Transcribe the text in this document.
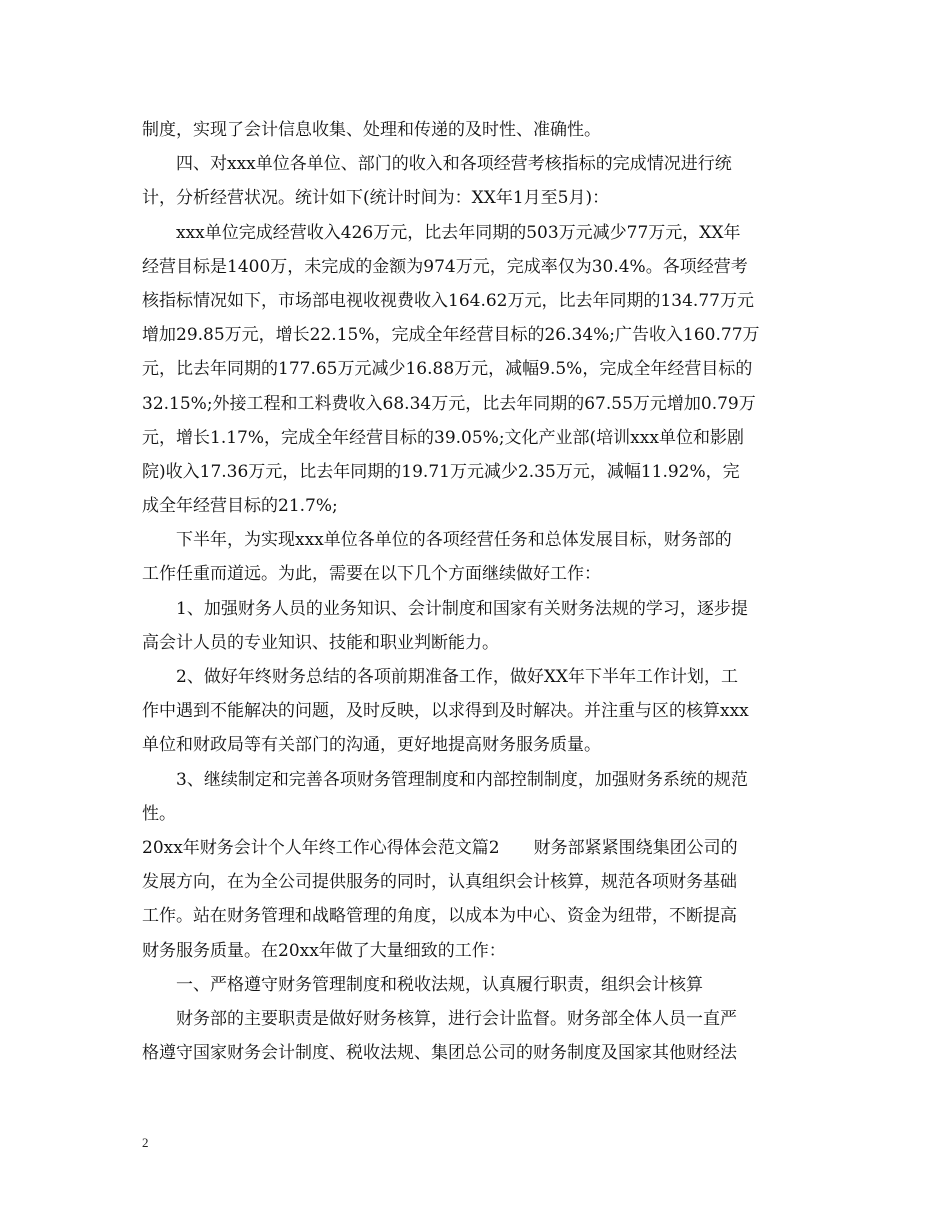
制度，实现了会计信息收集、处理和传递的及时性、准确性。
四、对xxx单位各单位、部门的收入和各项经营考核指标的完成情况进行统
计，分析经营状况。统计如下(统计时间为：XX年1月至5月)：
xxx单位完成经营收入426万元，比去年同期的503万元减少77万元，XX年
经营目标是1400万，未完成的金额为974万元，完成率仅为30.4%。各项经营考
核指标情况如下，市场部电视收视费收入164.62万元，比去年同期的134.77万元
增加29.85万元，增长22.15%，完成全年经营目标的26.34%;广告收入160.77万
元，比去年同期的177.65万元减少16.88万元，减幅9.5%，完成全年经营目标的
32.15%;外接工程和工料费收入68.34万元，比去年同期的67.55万元增加0.79万
元，增长1.17%，完成全年经营目标的39.05%;文化产业部(培训xxx单位和影剧
院)收入17.36万元，比去年同期的19.71万元减少2.35万元，减幅11.92%，完
成全年经营目标的21.7%;
下半年，为实现xxx单位各单位的各项经营任务和总体发展目标，财务部的
工作任重而道远。为此，需要在以下几个方面继续做好工作：
1、加强财务人员的业务知识、会计制度和国家有关财务法规的学习，逐步提
高会计人员的专业知识、技能和职业判断能力。
2、做好年终财务总结的各项前期准备工作，做好XX年下半年工作计划，工
作中遇到不能解决的问题，及时反映，以求得到及时解决。并注重与区的核算xxx
单位和财政局等有关部门的沟通，更好地提高财务服务质量。
3、继续制定和完善各项财务管理制度和内部控制制度，加强财务系统的规范
性。
20xx年财务会计个人年终工作心得体会范文篇2　　财务部紧紧围绕集团公司的
发展方向，在为全公司提供服务的同时，认真组织会计核算，规范各项财务基础
工作。站在财务管理和战略管理的角度，以成本为中心、资金为纽带，不断提高
财务服务质量。在20xx年做了大量细致的工作：
一、严格遵守财务管理制度和税收法规，认真履行职责，组织会计核算
财务部的主要职责是做好财务核算，进行会计监督。财务部全体人员一直严
格遵守国家财务会计制度、税收法规、集团总公司的财务制度及国家其他财经法
2
